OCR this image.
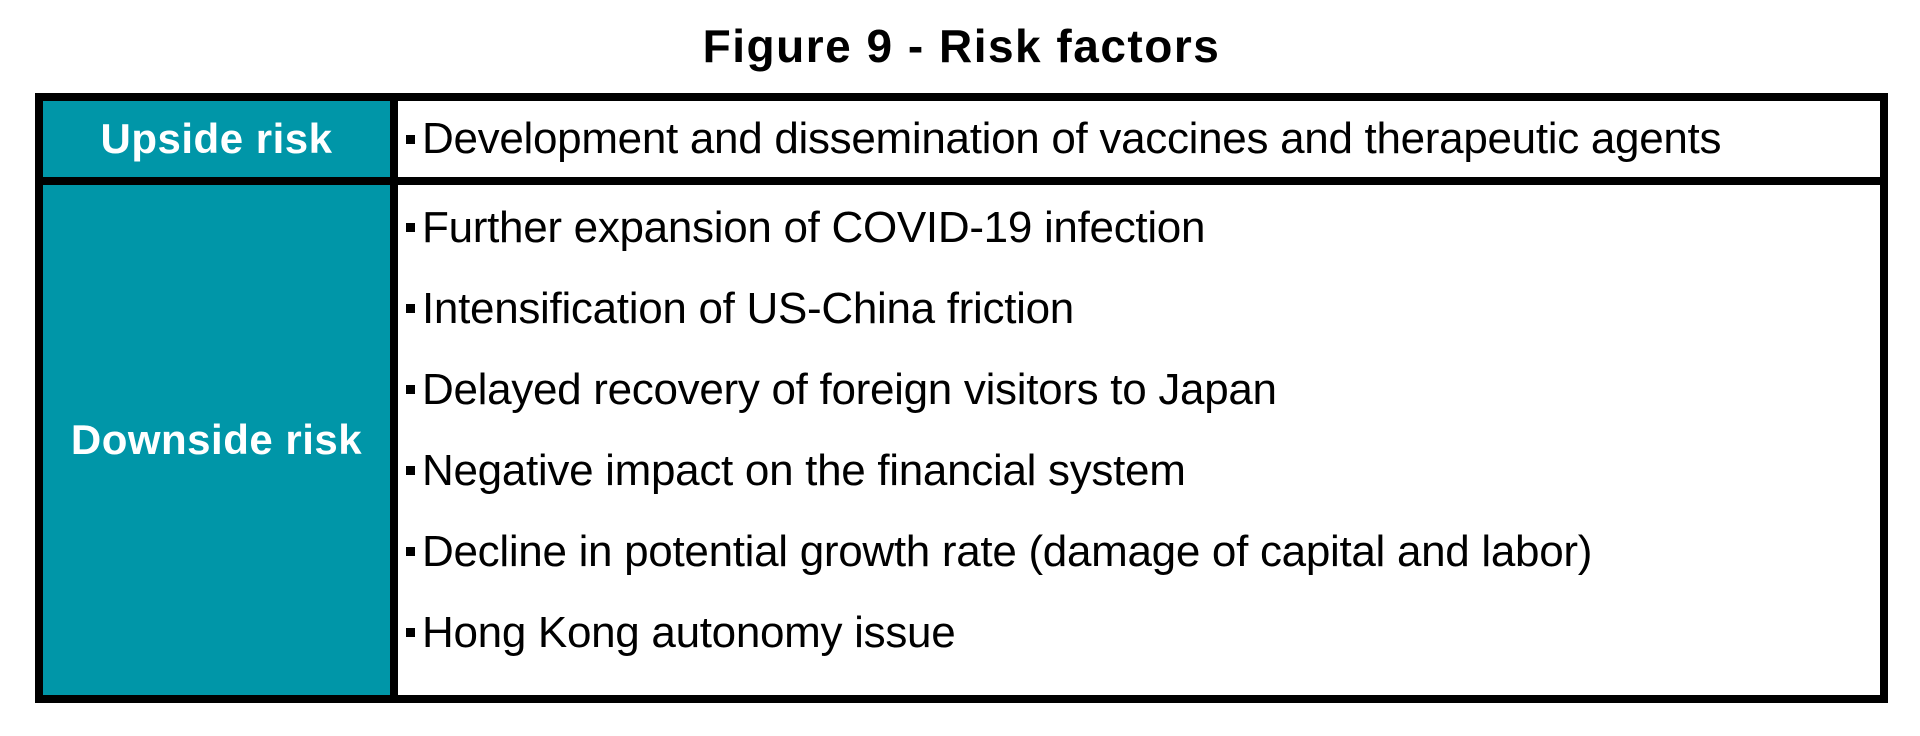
Figure 9 - Risk factors
Upside risk	Development and dissemination of vaccines and therapeutic agents
Downside risk
Further expansion of COVID-19 infection
Intensification of US-China friction
Delayed recovery of foreign visitors to Japan
Negative impact on the financial system
Decline in potential growth rate (damage of capital and labor)
Hong Kong autonomy issue
